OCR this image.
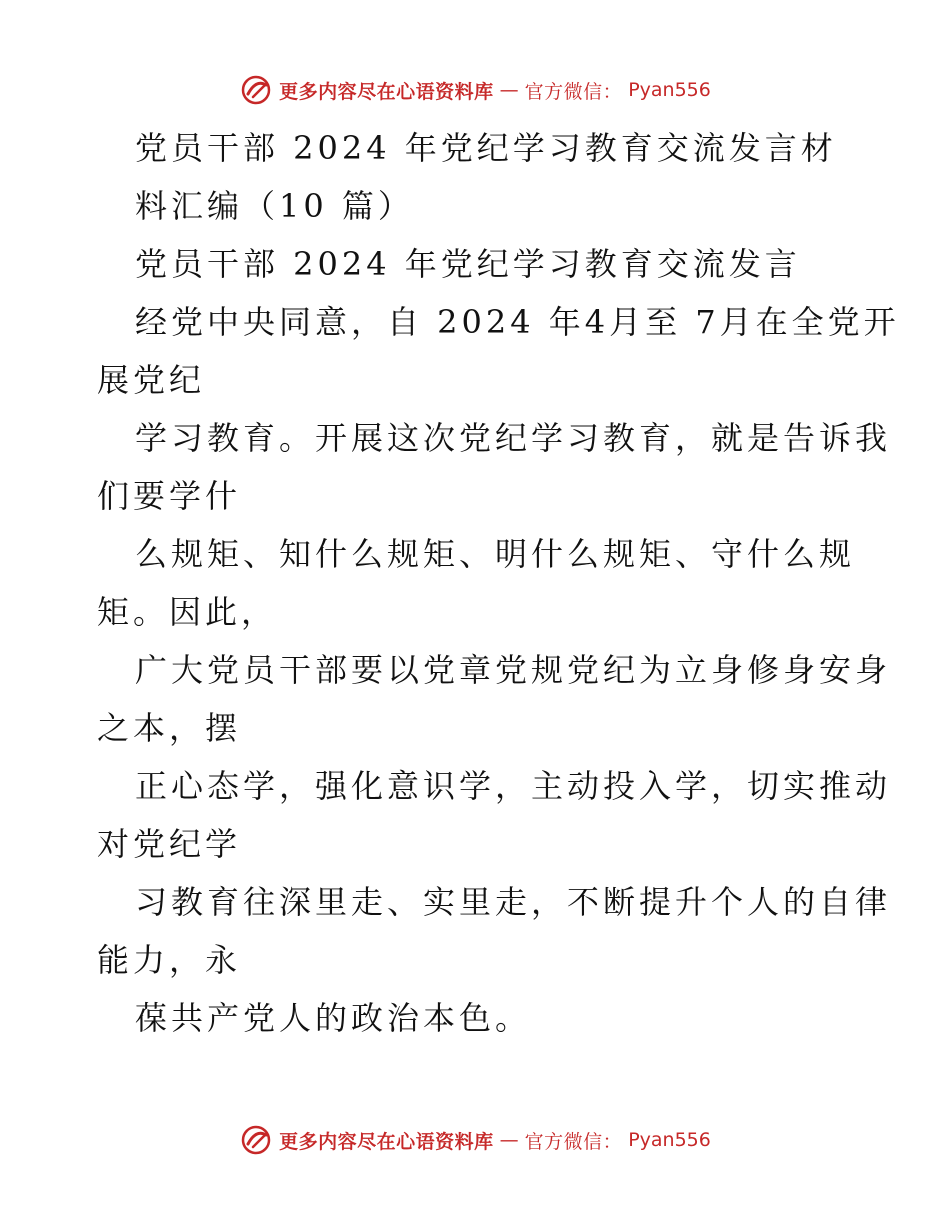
更多内容尽在心语资料库 — 官方微信： Pyan556
党员干部 2024 年党纪学习教育交流发言材
料汇编（10 篇）
党员干部 2024 年党纪学习教育交流发言
经党中央同意，自 2024 年4月至 7月在全党开
展党纪
学习教育。开展这次党纪学习教育，就是告诉我
们要学什
么规矩、知什么规矩、明什么规矩、守什么规
矩。因此，
广大党员干部要以党章党规党纪为立身修身安身
之本，摆
正心态学，强化意识学，主动投入学，切实推动
对党纪学
习教育往深里走、实里走，不断提升个人的自律
能力，永
葆共产党人的政治本色。
更多内容尽在心语资料库 — 官方微信： Pyan556
